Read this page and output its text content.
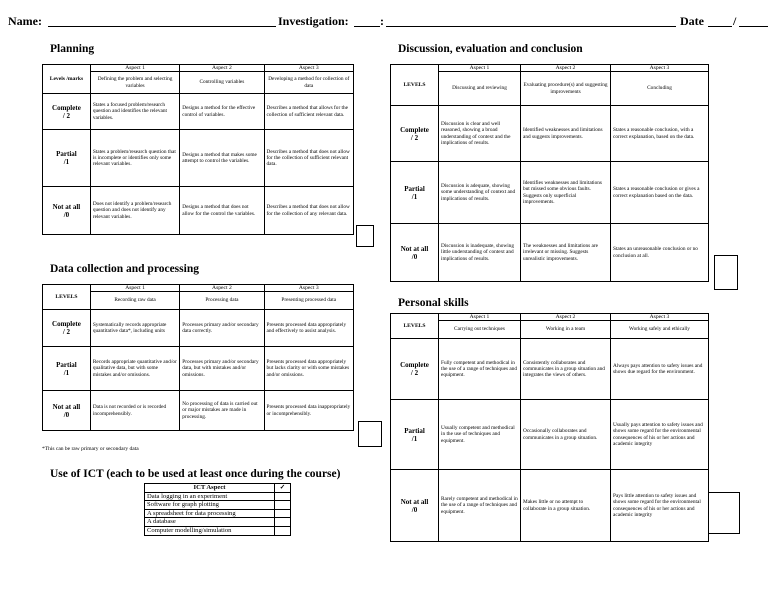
Name:	Investigation:	:	Date /
Planning
Levels /marks	Aspect 1	Aspect 2	Aspect 3
	Defining the problem and selecting variables	Controlling variables	Developing a method for collection of data
Complete
/ 2	States a focused problem/research question and identifies the relevant variables.	Designs a method for the effective control of variables.	Describes a method that allows for the collection of sufficient relevant data.
Partial
/1	States a problem/research question that is incomplete or identifies only some relevant variables.	Designs a method that makes some attempt to control the variables.	Describes a method that does not allow for the collection of sufficient relevant data.
Not at all
/0	Does not identify a problem/research question and does not identify any relevant variables.	Designs a method that does not allow for the control the variables.	Describes a method that does not allow for the collection of any relevant data.
Data collection and processing
LEVELS	Aspect 1	Aspect 2	Aspect 3
	Recording raw data	Processing data	Presenting processed data
Complete
/ 2	Systematically records appropriate quantitative data*, including units	Processes primary and/or secondary data correctly.	Presents processed data appropriately and effectively to assist analysis.
Partial
/1	Records appropriate quantitative and/or qualitative data, but with some mistakes and/or omissions.	Processes primary and/or secondary data, but with mistakes and/or omissions.	Presents processed data appropriately but lacks clarity or with some mistakes and/or omissions.
Not at all
/0	Data is not recorded or is recorded incomprehensibly.	No processing of data is carried out or major mistakes are made in processing.	Presents processed data inappropriately or incomprehensibly.
*This can be raw primary or secondary data
Use of ICT (each to be used at least once during the course)
ICT Aspect	✓
Data logging in an experiment	
Software for graph plotting	
A spreadsheet for data processing	
A database	
Computer modelling/simulation	
Discussion, evaluation and conclusion
LEVELS	Aspect 1	Aspect 2	Aspect 3
	Discussing and reviewing	Evaluating procedure(s) and suggesting improvements	Concluding
Complete
/ 2	Discussion is clear and well reasoned, showing a broad understanding of context and the implications of results.	Identified weaknesses and limitations and suggests improvements.	States a reasonable conclusion, with a correct explanation, based on the data.
Partial
/1	Discussion is adequate, showing some understanding of context and implications of results.	Identifies weaknesses and limitations but missed some obvious faults. Suggests only superficial improvements.	States a reasonable conclusion or gives a correct explanation based on the data.
Not at all
/0	Discussion is inadequate, showing little understanding of context and implications of results.	The weaknesses and limitations are irrelevant or missing. Suggests unrealistic improvements.	States an unreasonable conclusion or no conclusion at all.
Personal skills
LEVELS	Aspect 1	Aspect 2	Aspect 3
	Carrying out techniques	Working in a team	Working safely and ethically
Complete
/ 2	Fully competent and methodical in the use of a range of techniques and equipment.	Consistently collaborates and communicates in a group situation and integrates the views of others.	Always pays attention to safety issues and shows due regard for the environment.
Partial
/1	Usually competent and methodical in the use of techniques and equipment.	Occasionally collaborates and communicates in a group situation.	Usually pays attention to safety issues and shows some regard for the environmental consequences of his or her actions and academic integrity
Not at all
/0	Rarely competent and methodical in the use of a range of techniques and equipment.	Makes little or no attempt to collaborate in a group situation.	Pays little attention to safety issues and shows some regard for the environmental consequences of his or her actions and academic integrity
